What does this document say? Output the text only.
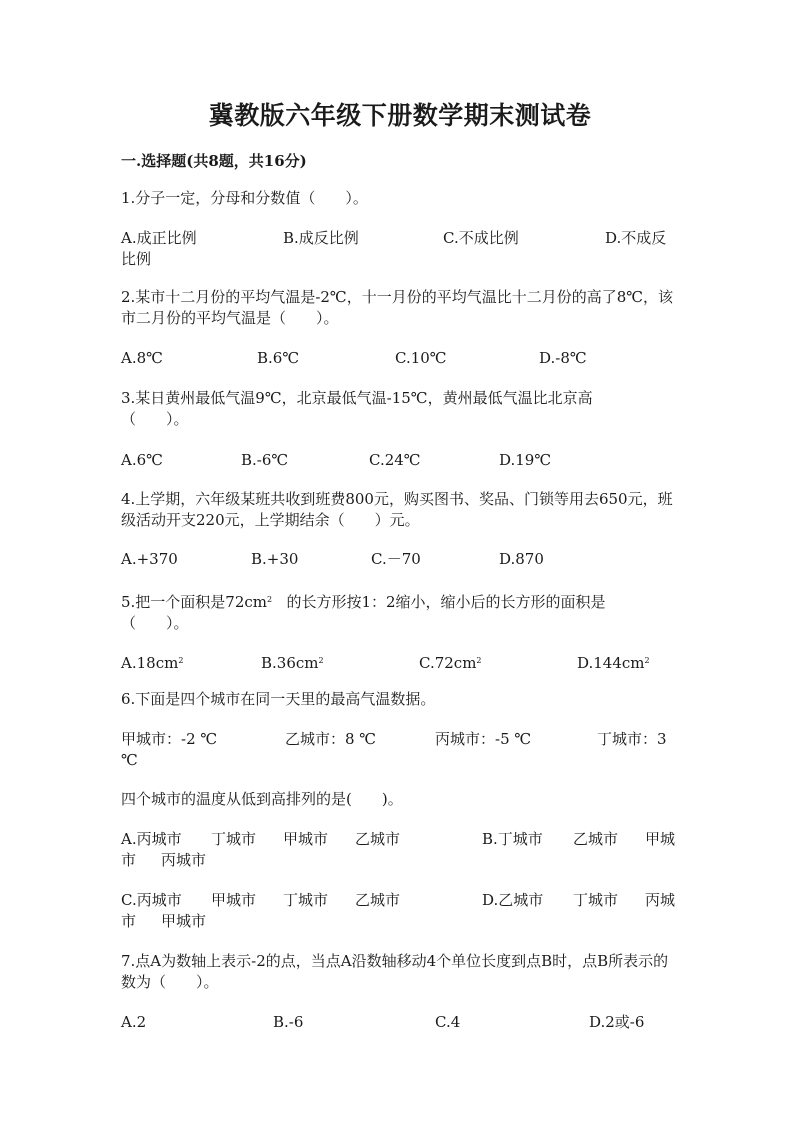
冀教版六年级下册数学期末测试卷
一.选择题(共8题，共16分)
1.分子一定，分母和分数值（　　）。
A.成正比例	B.成反比例	C.不成比例	D.不成反
比例
2.某市十二月份的平均气温是-2℃，十一月份的平均气温比十二月份的高了8℃，该市二月份的平均气温是（　　）。
A.8℃	B.6℃	C.10℃	D.-8℃
3.某日黄州最低气温9℃，北京最低气温-15℃，黄州最低气温比北京高（　　）。
A.6℃	B.-6℃	C.24℃	D.19℃
4.上学期，六年级某班共收到班费800元，购买图书、奖品、门锁等用去650元，班级活动开支220元，上学期结余（　　）元。
A.+370	B.+30	C.－70	D.870
5.把一个面积是$72cm^2$ 的长方形按1：2缩小，缩小后的长方形的面积是（　　）。
$A.18cm^2$	$B.36cm^2$	$C.72cm^2$	$D.144cm^2$
6.下面是四个城市在同一天里的最高气温数据。
甲城市：-2 ℃	乙城市：8 ℃	丙城市：-5 ℃	丁城市：3
℃
四个城市的温度从低到高排列的是(　　)。
A.丙城市 丁城市 甲城市 乙城市	B.丁城市 乙城市 甲城
市 丙城市
C.丙城市 甲城市 丁城市 乙城市	D.乙城市 丁城市 丙城
市 甲城市
7.点A为数轴上表示-2的点，当点A沿数轴移动4个单位长度到点B时，点B所表示的数为（　　）。
A.2	B.-6	C.4	D.2或-6
